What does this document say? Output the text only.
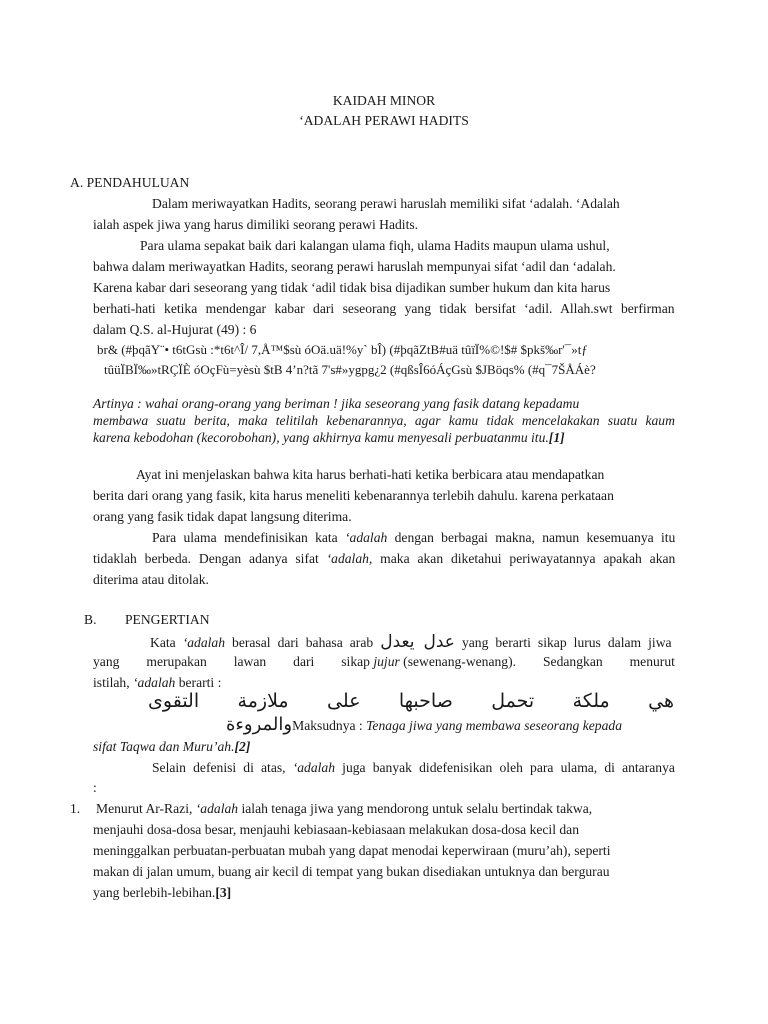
KAIDAH MINOR
‘ADALAH PERAWI HADITS
A. PENDAHULUAN
Dalam meriwayatkan Hadits, seorang perawi haruslah memiliki sifat ‘adalah. ‘Adalah
ialah aspek jiwa yang harus dimiliki seorang perawi Hadits.
Para ulama sepakat baik dari kalangan ulama fiqh, ulama Hadits maupun ulama ushul,
bahwa dalam meriwayatkan Hadits, seorang perawi haruslah mempunyai sifat ‘adil dan ‘adalah.
Karena kabar dari seseorang yang tidak ‘adil tidak bisa dijadikan sumber hukum dan kita harus
berhati-hati ketika mendengar kabar dari seseorang yang tidak bersifat ‘adil. Allah.swt berfirman
dalam Q.S. al-Hujurat (49) : 6
br& (#þqãY¨• t6tGsù :*t6t^Î/ 7,Å™$sù óOä.uä!%y` bÎ) (#þqãZtB#uä tûïÏ%©!$# $pkš‰r'¯»tƒ
tûüÏBÏ‰»tRÇÏÈ óOçFù=yèsù $tB 4’n?tã 7's#»ygpg¿2 (#qßsÎ6óÁçGsù $JBöqs% (#q¯7ŠÅÁè?
Artinya : wahai orang-orang yang beriman ! jika seseorang yang fasik datang kepadamu
membawa suatu berita, maka telitilah kebenarannya, agar kamu tidak mencelakakan suatu kaum
karena kebodohan (kecorobohan), yang akhirnya kamu menyesali perbuatanmu itu.[1]
Ayat ini menjelaskan bahwa kita harus berhati-hati ketika berbicara atau mendapatkan
berita dari orang yang fasik, kita harus meneliti kebenarannya terlebih dahulu. karena perkataan
orang yang fasik tidak dapat langsung diterima.
Para ulama mendefinisikan kata ‘adalah dengan berbagai makna, namun kesemuanya itu
tidaklah berbeda. Dengan adanya sifat ‘adalah, maka akan diketahui periwayatannya apakah akan
diterima atau ditolak.
B. PENGERTIAN
Kata ‘adalah berasal dari bahasa arab عدل يعدل yang berarti sikap lurus dalam jiwa
yang merupakan lawan dari sikap jujur (sewenang-wenang). Sedangkan menurut
istilah, ‘adalah berarti :
هي
ملكة
تحمل
صاحبها
على
ملازمة
التقوى
والمروءةMaksudnya : Tenaga jiwa yang membawa seseorang kepada
sifat Taqwa dan Muru’ah.[2]
Selain defenisi di atas, ‘adalah juga banyak didefenisikan oleh para ulama, di antaranya
:
1. Menurut Ar-Razi, ‘adalah ialah tenaga jiwa yang mendorong untuk selalu bertindak takwa,
menjauhi dosa-dosa besar, menjauhi kebiasaan-kebiasaan melakukan dosa-dosa kecil dan
meninggalkan perbuatan-perbuatan mubah yang dapat menodai keperwiraan (muru’ah), seperti
makan di jalan umum, buang air kecil di tempat yang bukan disediakan untuknya dan bergurau
yang berlebih-lebihan.[3]
